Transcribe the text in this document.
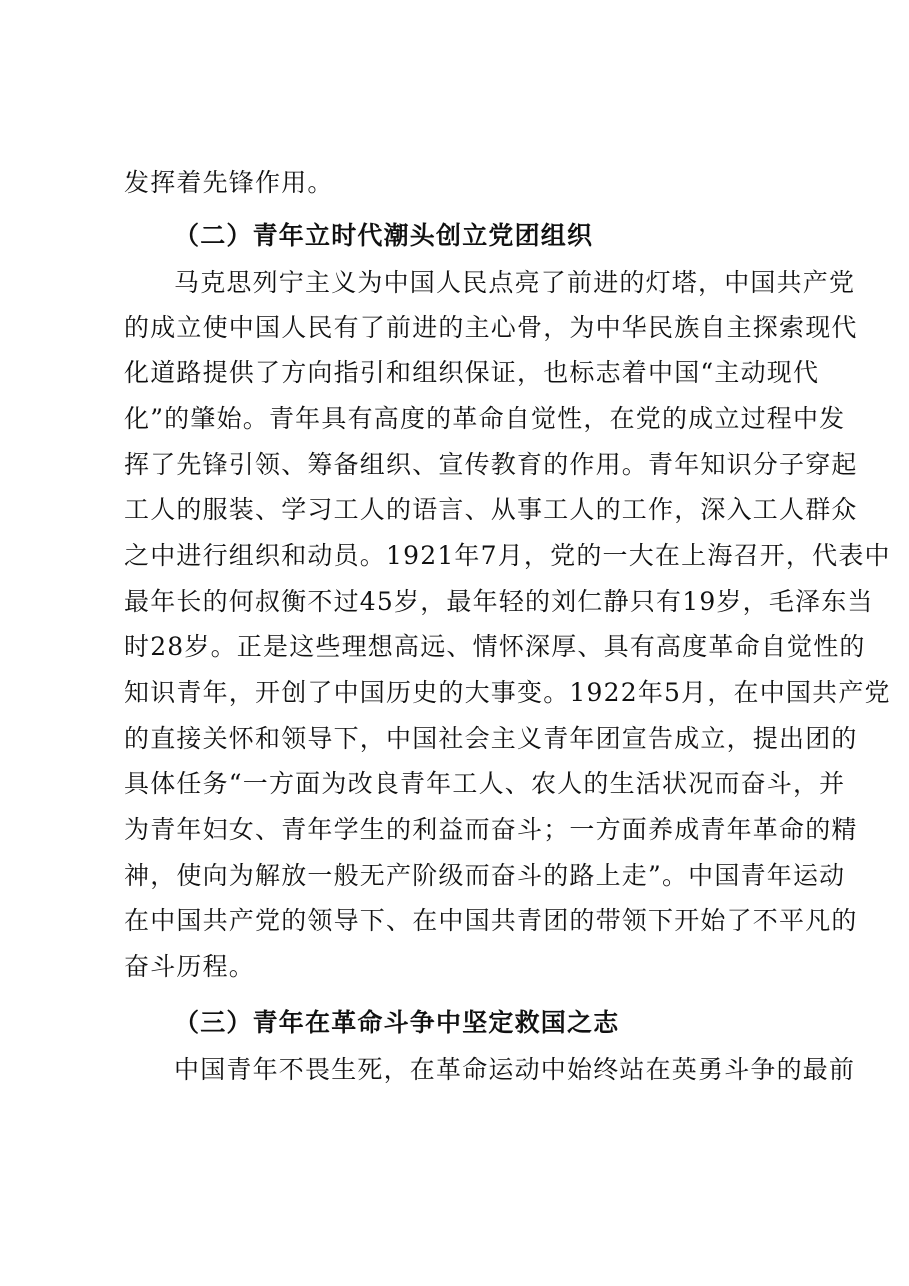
发挥着先锋作用。
（二）青年立时代潮头创立党团组织
马克思列宁主义为中国人民点亮了前进的灯塔，中国共产党
的成立使中国人民有了前进的主心骨，为中华民族自主探索现代
化道路提供了方向指引和组织保证，也标志着中国“主动现代
化”的肇始。青年具有高度的革命自觉性，在党的成立过程中发
挥了先锋引领、筹备组织、宣传教育的作用。青年知识分子穿起
工人的服装、学习工人的语言、从事工人的工作，深入工人群众
之中进行组织和动员。1921年7月，党的一大在上海召开，代表中
最年长的何叔衡不过45岁，最年轻的刘仁静只有19岁，毛泽东当
时28岁。正是这些理想高远、情怀深厚、具有高度革命自觉性的
知识青年，开创了中国历史的大事变。1922年5月，在中国共产党
的直接关怀和领导下，中国社会主义青年团宣告成立，提出团的
具体任务“一方面为改良青年工人、农人的生活状况而奋斗，并
为青年妇女、青年学生的利益而奋斗；一方面养成青年革命的精
神，使向为解放一般无产阶级而奋斗的路上走”。中国青年运动
在中国共产党的领导下、在中国共青团的带领下开始了不平凡的
奋斗历程。
（三）青年在革命斗争中坚定救国之志
中国青年不畏生死，在革命运动中始终站在英勇斗争的最前
